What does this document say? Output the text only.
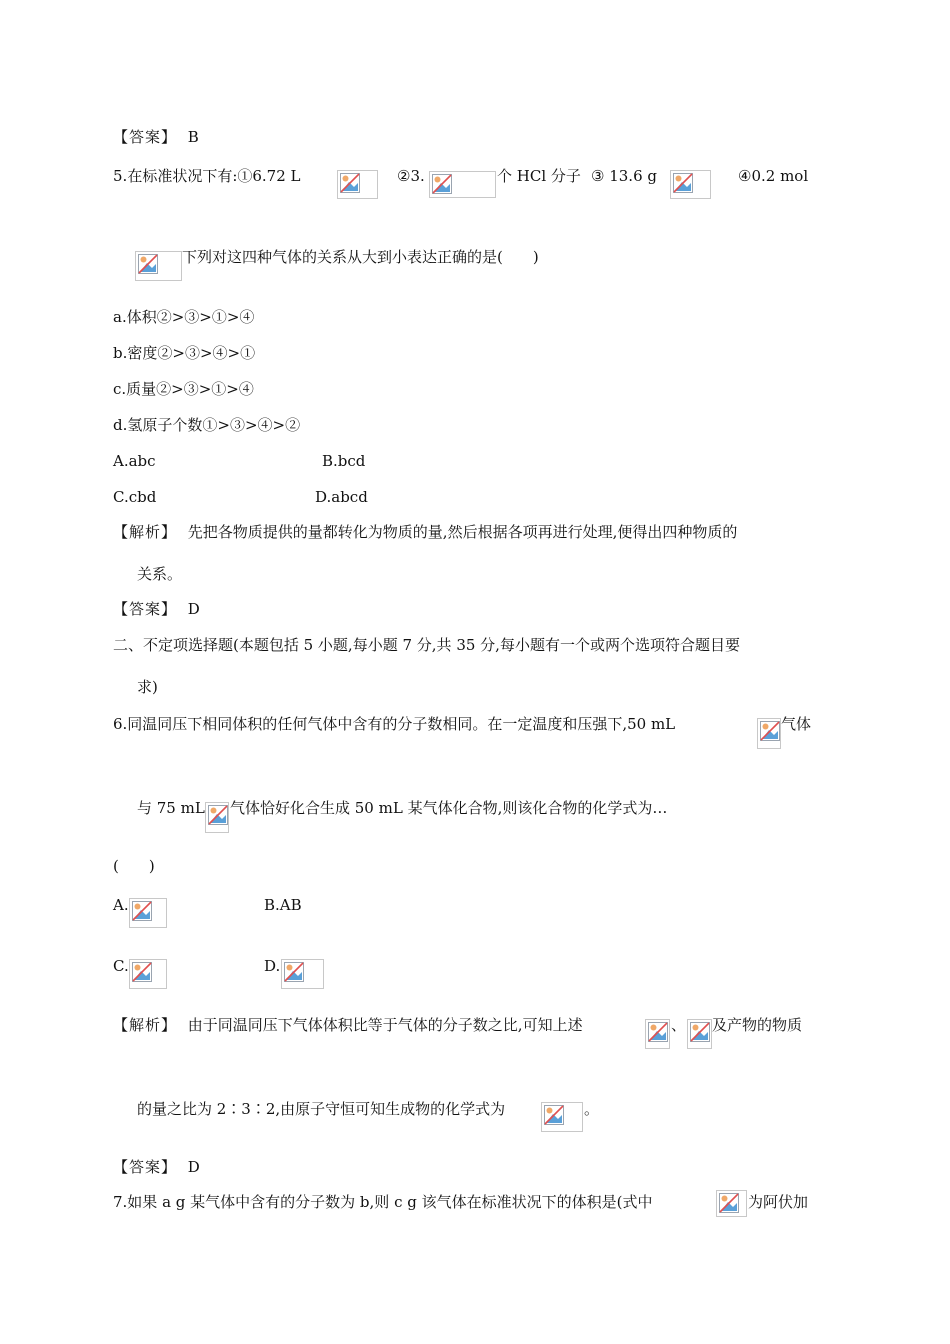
【答案】 B
5.在标准状况下有:①6.72 L	②3.	个 HCl 分子 ③ 13.6 g	④0.2 mol
下列对这四种气体的关系从大到小表达正确的是(　　)
a.体积②>③>①>④
b.密度②>③>④>①
c.质量②>③>①>④
d.氢原子个数①>③>④>②
A.abc	B.bcd
C.cbd	D.abcd
【解析】 先把各物质提供的量都转化为物质的量,然后根据各项再进行处理,便得出四种物质的
关系。
【答案】 D
二、不定项选择题(本题包括 5 小题,每小题 7 分,共 35 分,每小题有一个或两个选项符合题目要
求)
6.同温同压下相同体积的任何气体中含有的分子数相同。在一定温度和压强下,50 mL	气体
与 75 mL 气体恰好化合生成 50 mL 某气体化合物,则该化合物的化学式为…
(　　)
A.	B.AB
C.	D.
【解析】 由于同温同压下气体体积比等于气体的分子数之比,可知上述	、 及产物的物质
的量之比为 2∶3∶2,由原子守恒可知生成物的化学式为	。
【答案】 D
7.如果 a g 某气体中含有的分子数为 b,则 c g 该气体在标准状况下的体积是(式中	为阿伏加
